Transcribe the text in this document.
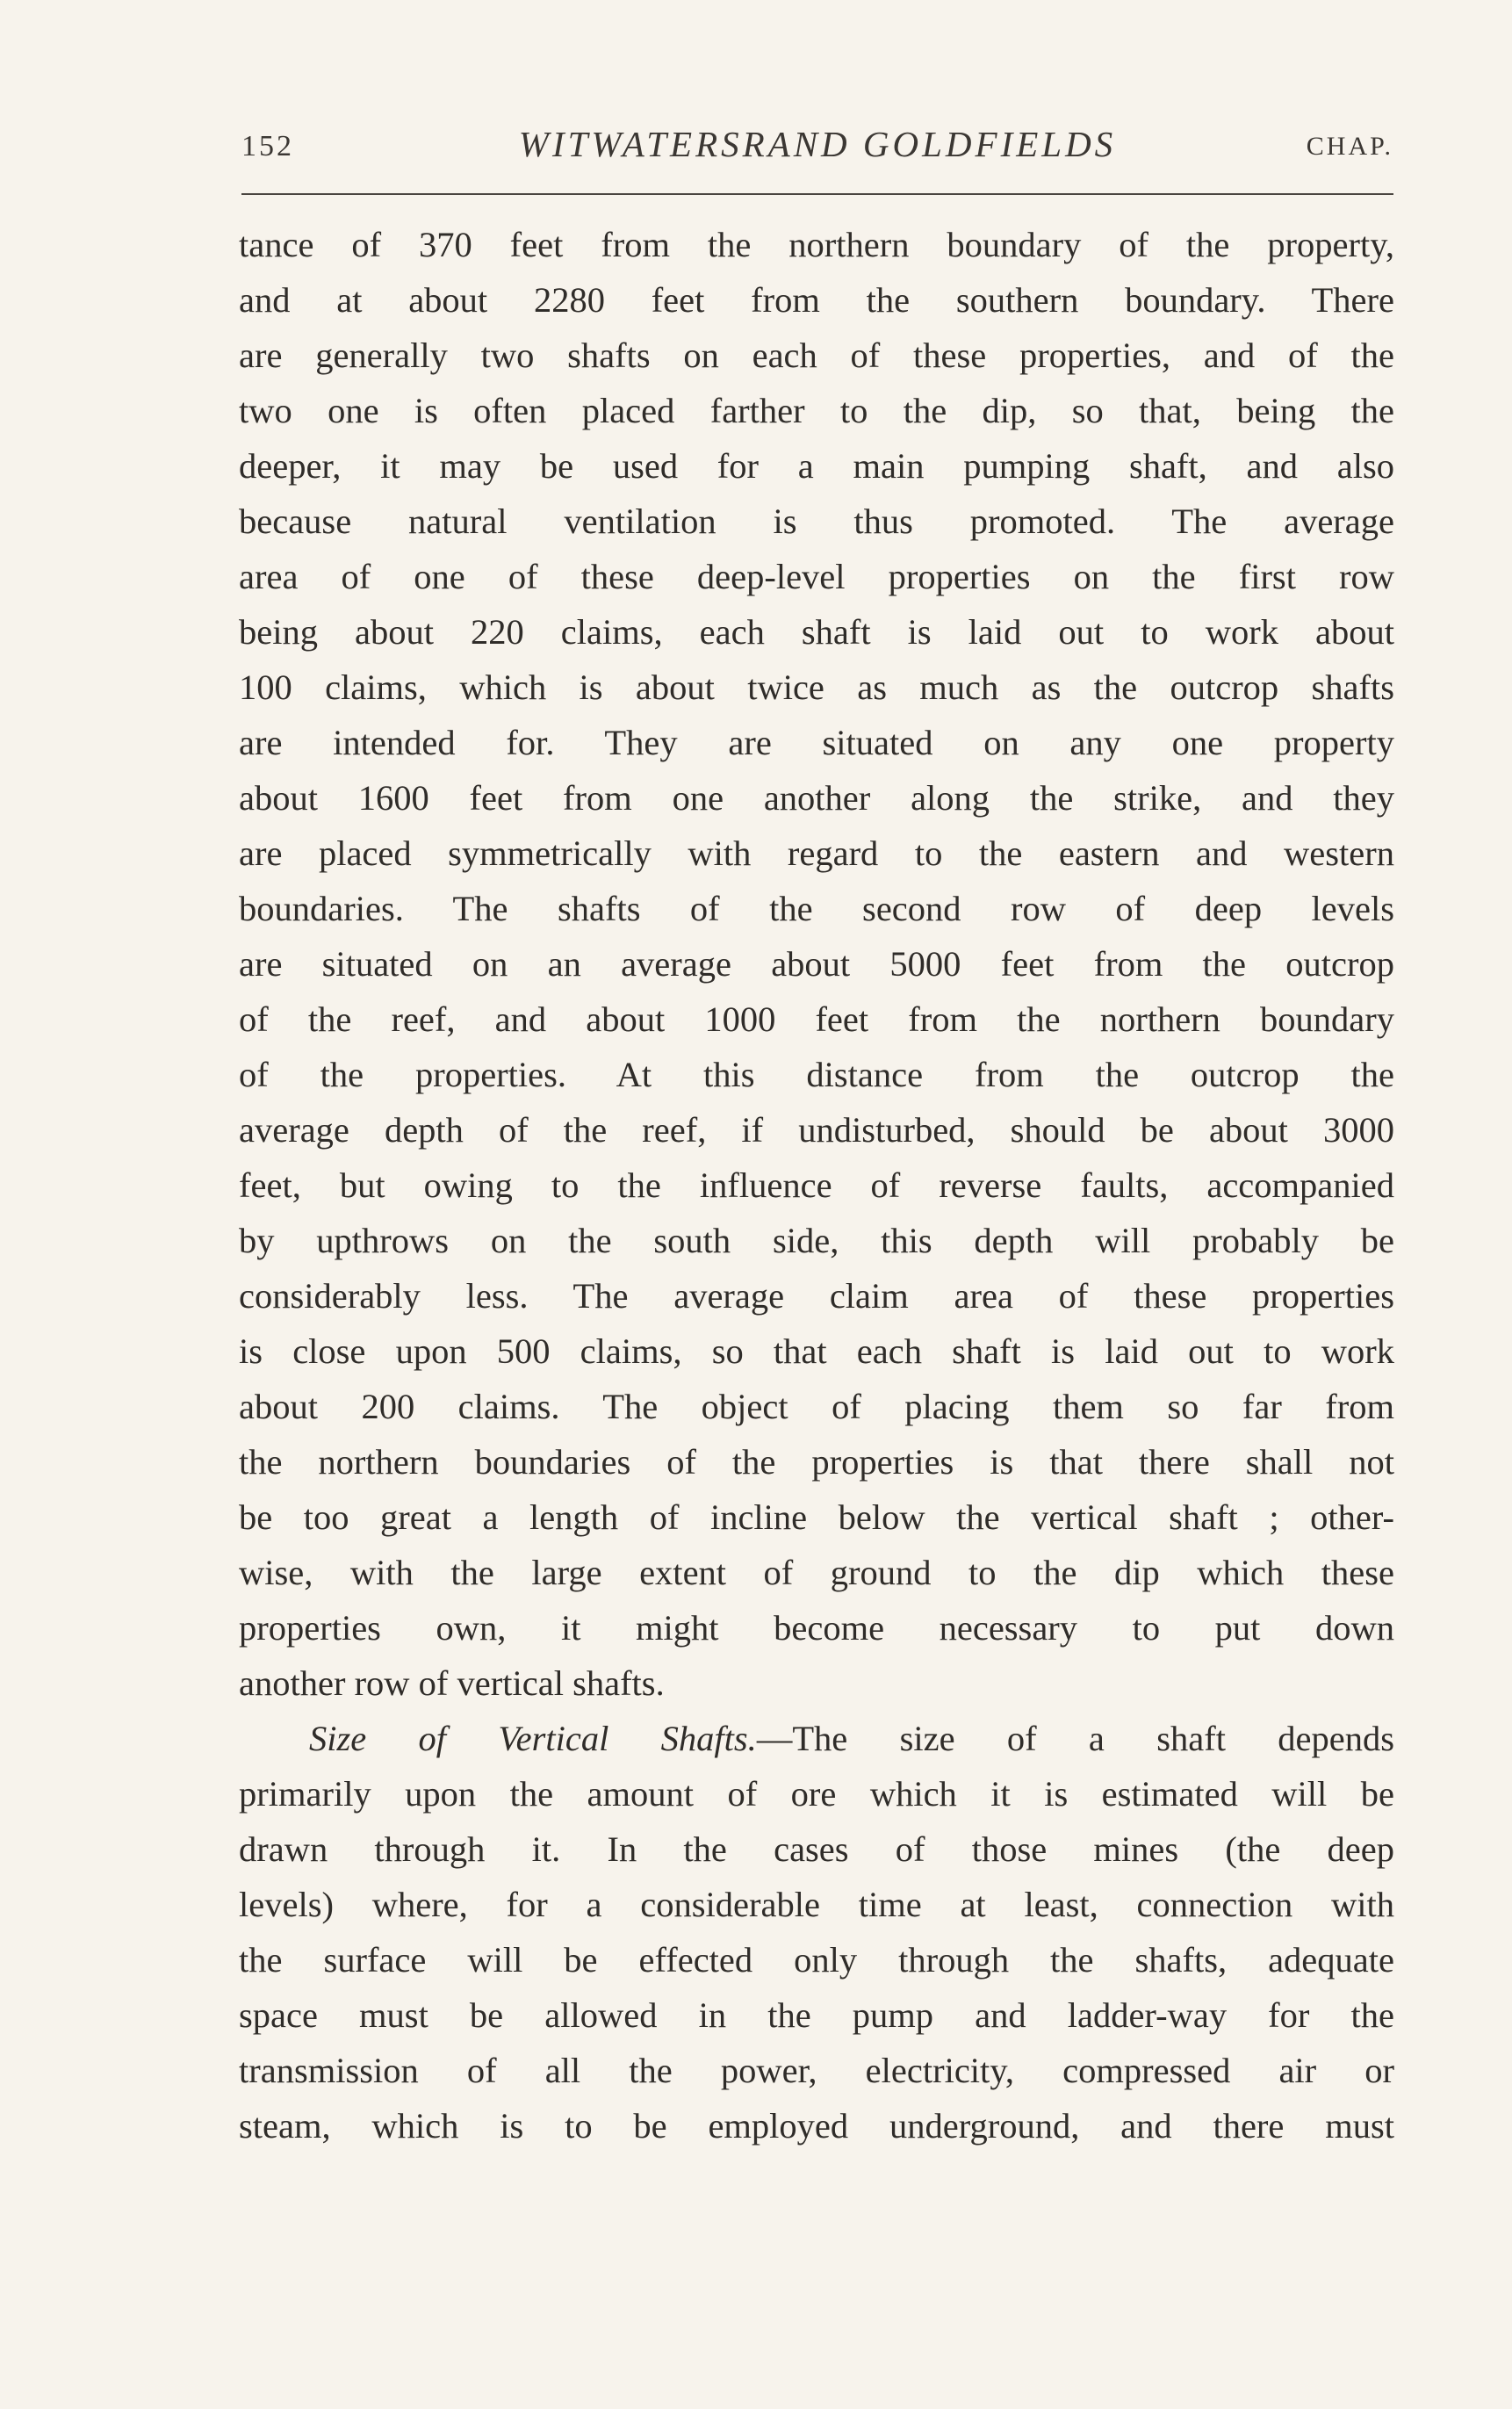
152	WITWATERSRAND GOLDFIELDS	CHAP.
tance of 370 feet from the northern boundary of the property,
and at about 2280 feet from the southern boundary. There
are generally two shafts on each of these properties, and of the
two one is often placed farther to the dip, so that, being the
deeper, it may be used for a main pumping shaft, and also
because natural ventilation is thus promoted. The average
area of one of these deep-level properties on the first row
being about 220 claims, each shaft is laid out to work about
100 claims, which is about twice as much as the outcrop shafts
are intended for. They are situated on any one property
about 1600 feet from one another along the strike, and they
are placed symmetrically with regard to the eastern and western
boundaries. The shafts of the second row of deep levels
are situated on an average about 5000 feet from the outcrop
of the reef, and about 1000 feet from the northern boundary
of the properties. At this distance from the outcrop the
average depth of the reef, if undisturbed, should be about 3000
feet, but owing to the influence of reverse faults, accompanied
by upthrows on the south side, this depth will probably be
considerably less. The average claim area of these properties
is close upon 500 claims, so that each shaft is laid out to work
about 200 claims. The object of placing them so far from
the northern boundaries of the properties is that there shall not
be too great a length of incline below the vertical shaft ; other-
wise, with the large extent of ground to the dip which these
properties own, it might become necessary to put down
another row of vertical shafts.
Size of Vertical Shafts.—The size of a shaft depends
primarily upon the amount of ore which it is estimated will be
drawn through it. In the cases of those mines (the deep
levels) where, for a considerable time at least, connection with
the surface will be effected only through the shafts, adequate
space must be allowed in the pump and ladder-way for the
transmission of all the power, electricity, compressed air or
steam, which is to be employed underground, and there must
